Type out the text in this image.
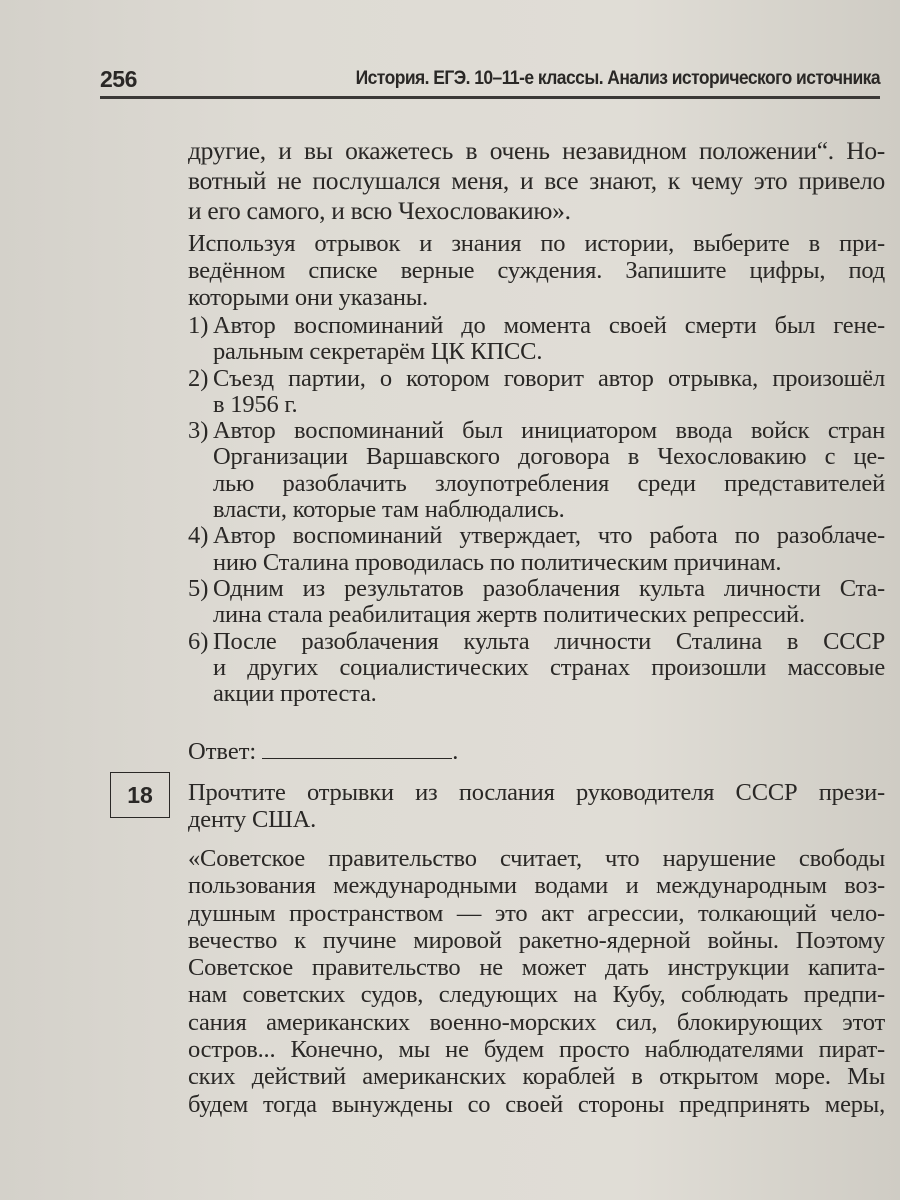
256	История. ЕГЭ. 10–11-е классы. Анализ исторического источника
другие, и вы окажетесь в очень незавидном положении“. Но-
вотный не послушался меня, и все знают, к чему это привело
и его самого, и всю Чехословакию».
Используя отрывок и знания по истории, выберите в при-
ведённом списке верные суждения. Запишите цифры, под
которыми они указаны.
1) Автор воспоминаний до момента своей смерти был гене-
ральным секретарём ЦК КПСС.
2) Съезд партии, о котором говорит автор отрывка, произошёл
в 1956 г.
3) Автор воспоминаний был инициатором ввода войск стран
Организации Варшавского договора в Чехословакию с це-
лью разоблачить злоупотребления среди представителей
власти, которые там наблюдались.
4) Автор воспоминаний утверждает, что работа по разоблаче-
нию Сталина проводилась по политическим причинам.
5) Одним из результатов разоблачения культа личности Ста-
лина стала реабилитация жертв политических репрессий.
6) После разоблачения культа личности Сталина в СССР
и других социалистических странах произошли массовые
акции протеста.
Ответ:	.
18	Прочтите отрывки из послания руководителя СССР прези-
денту США.
«Советское правительство считает, что нарушение свободы
пользования международными водами и международным воз-
душным пространством — это акт агрессии, толкающий чело-
вечество к пучине мировой ракетно-ядерной войны. Поэтому
Советское правительство не может дать инструкции капита-
нам советских судов, следующих на Кубу, соблюдать предпи-
сания американских военно-морских сил, блокирующих этот
остров... Конечно, мы не будем просто наблюдателями пират-
ских действий американских кораблей в открытом море. Мы
будем тогда вынуждены со своей стороны предпринять меры,
